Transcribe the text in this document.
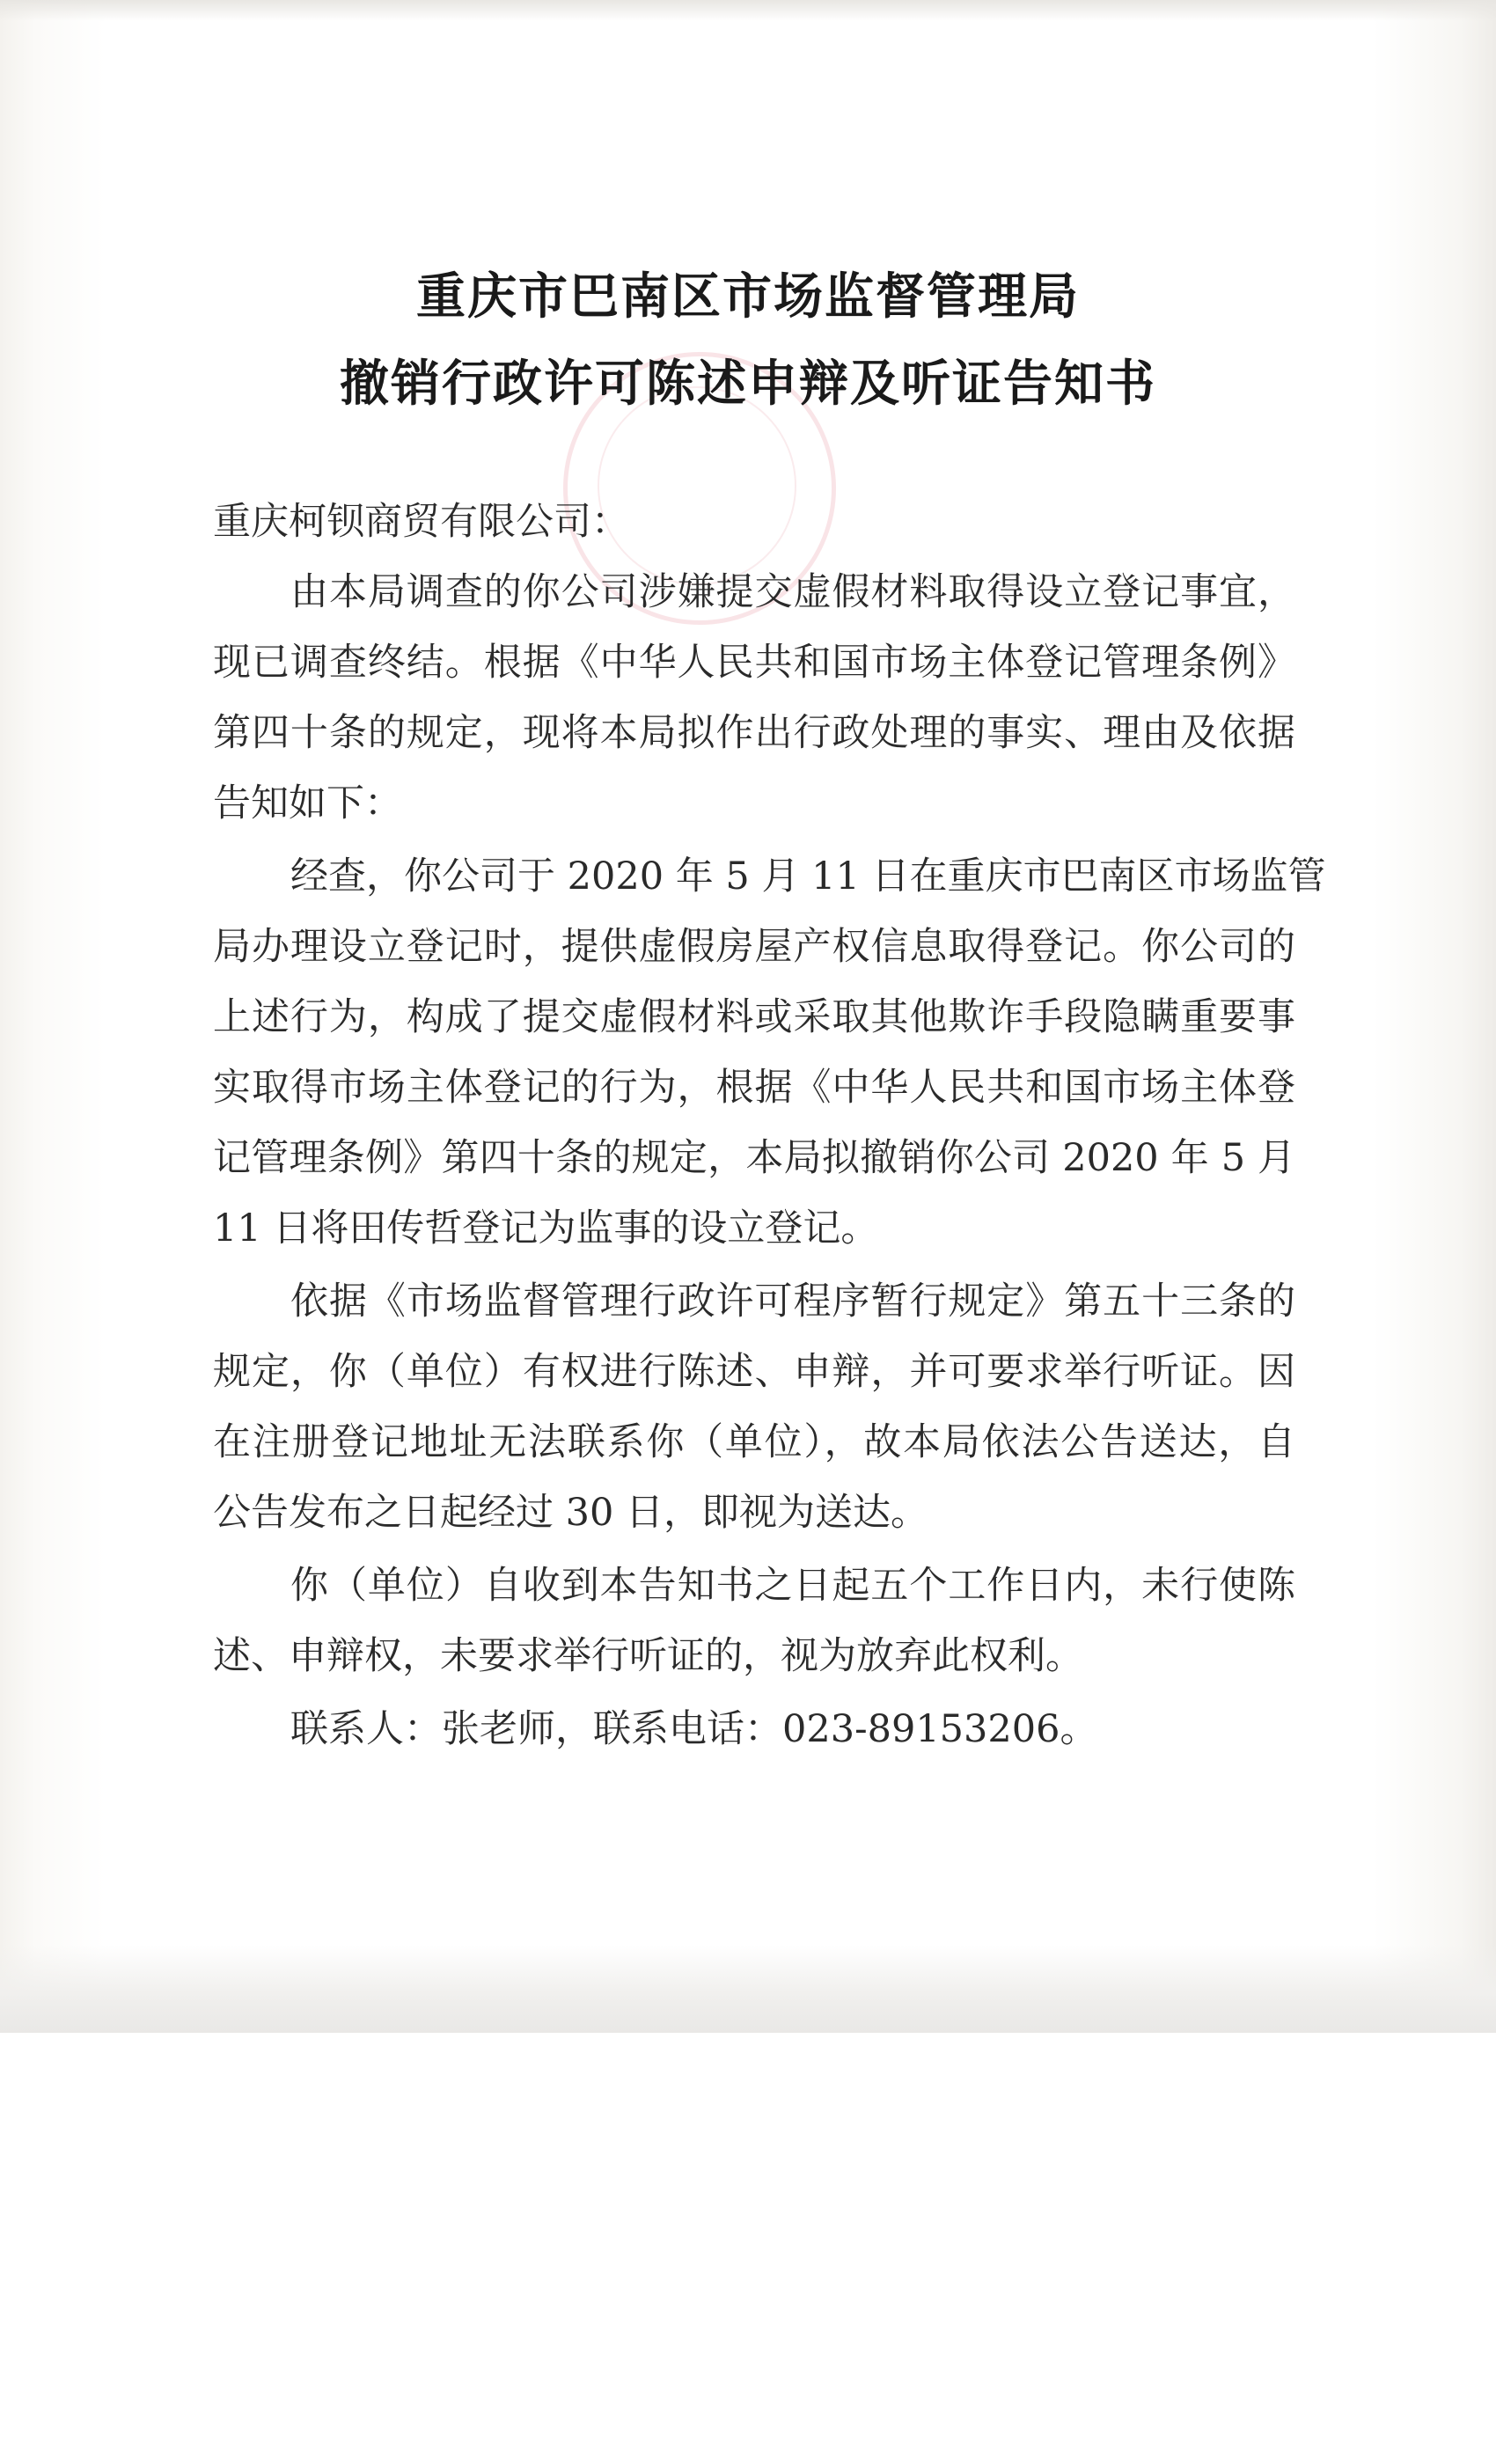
重庆市巴南区市场监督管理局
撤销行政许可陈述申辩及听证告知书
重庆柯钡商贸有限公司：
由本局调查的你公司涉嫌提交虚假材料取得设立登记事宜，
现已调查终结。根据《中华人民共和国市场主体登记管理条例》
第四十条的规定，现将本局拟作出行政处理的事实、理由及依据
告知如下：
经查，你公司于 2020 年 5 月 11 日在重庆市巴南区市场监管
局办理设立登记时，提供虚假房屋产权信息取得登记。你公司的
上述行为，构成了提交虚假材料或采取其他欺诈手段隐瞒重要事
实取得市场主体登记的行为，根据《中华人民共和国市场主体登
记管理条例》第四十条的规定，本局拟撤销你公司 2020 年 5 月
11 日将田传哲登记为监事的设立登记。
依据《市场监督管理行政许可程序暂行规定》第五十三条的
规定，你（单位）有权进行陈述、申辩，并可要求举行听证。因
在注册登记地址无法联系你（单位），故本局依法公告送达，自
公告发布之日起经过 30 日，即视为送达。
你（单位）自收到本告知书之日起五个工作日内，未行使陈
述、申辩权，未要求举行听证的，视为放弃此权利。
联系人：张老师，联系电话：023-89153206。
